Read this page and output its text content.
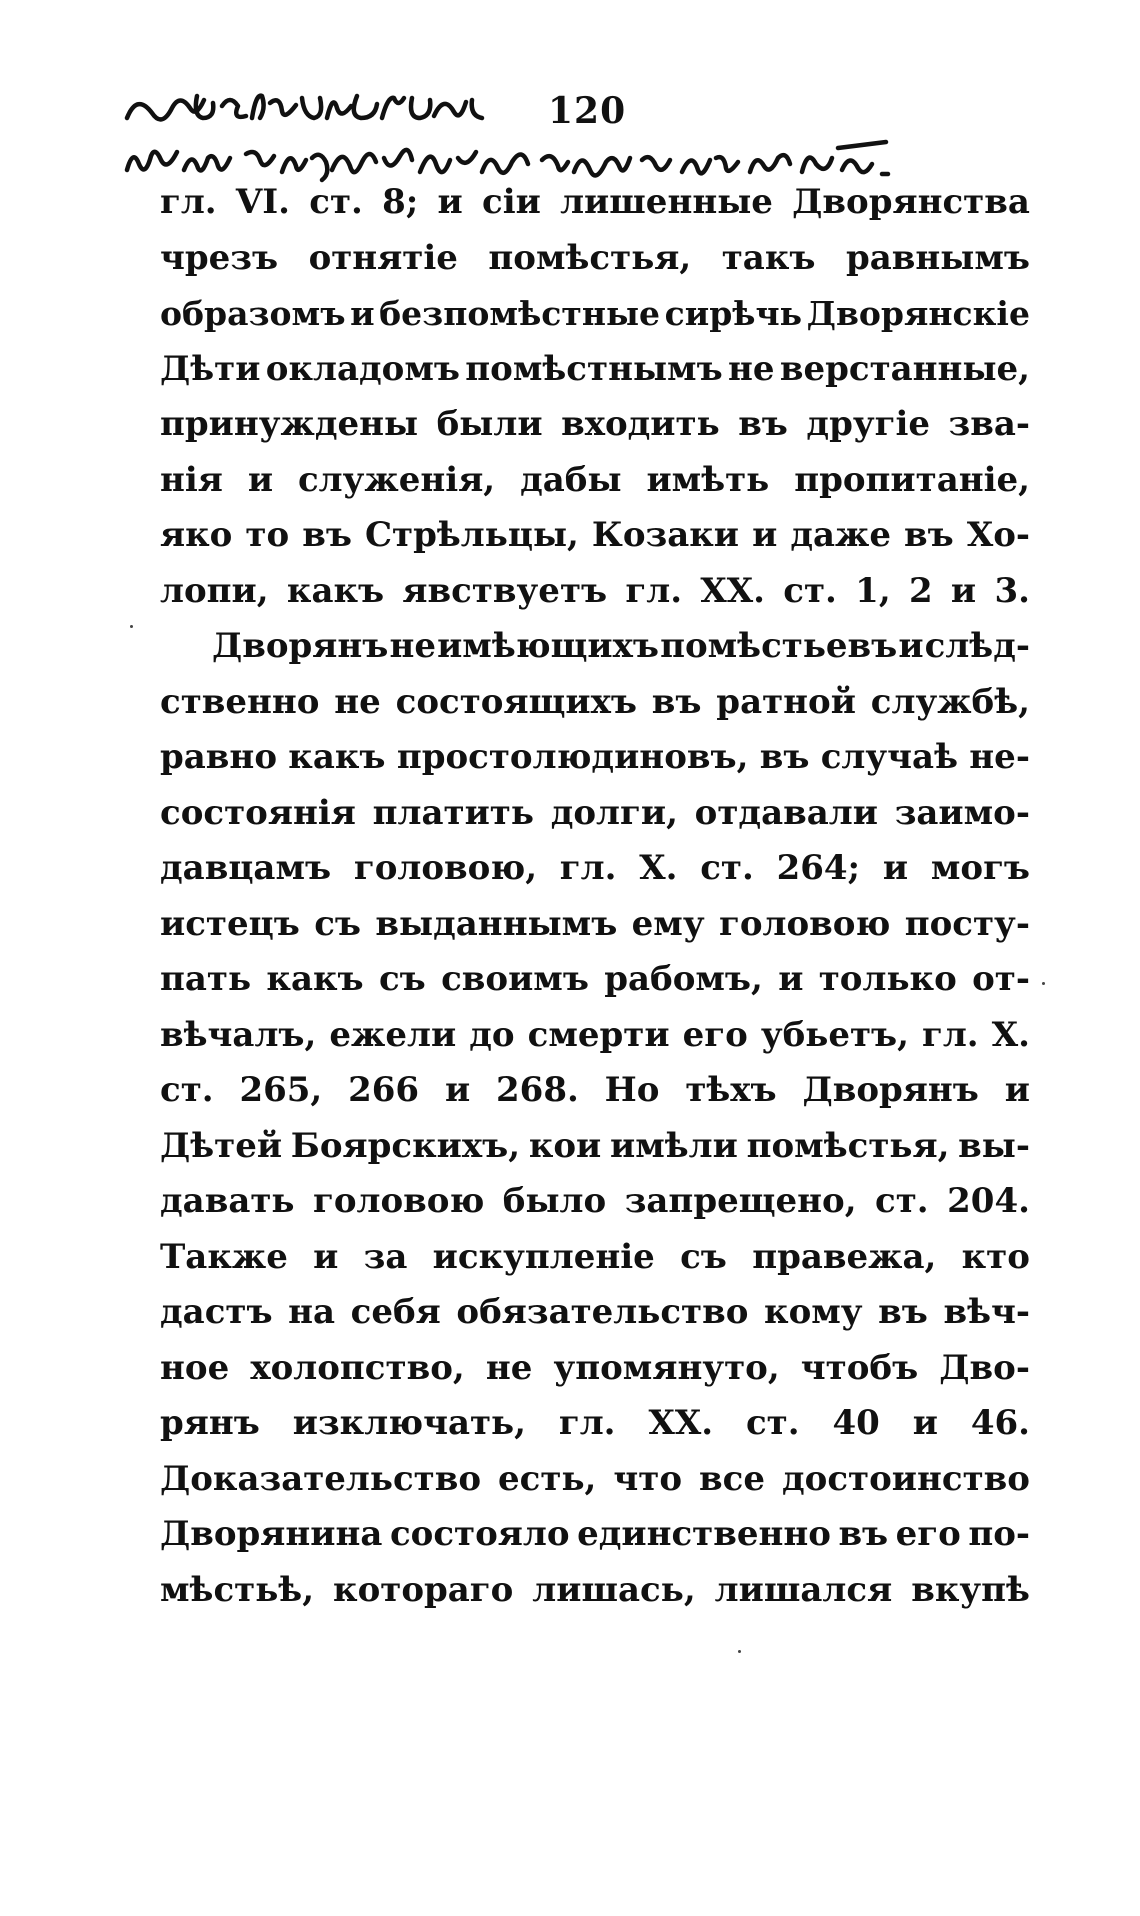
120
гл. VI. ст. 8; и сіи лишенные Дворянства
чрезъ отнятіе помѣстья, такъ равнымъ
образомъ и безпомѣстные сирѣчь Дворянскіе
Дѣти окладомъ помѣстнымъ не верстанные,
принуждены были входить въ другіе зва-
нія и служенія, дабы имѣть пропитаніе,
яко то въ Стрѣльцы, Козаки и даже въ Хо-
лопи, какъ явствуетъ гл. XX. ст. 1, 2 и 3.
Дворянъ не имѣющихъ помѣстьевъ и слѣд-
ственно не состоящихъ въ ратной службѣ,
равно какъ простолюдиновъ, въ случаѣ не-
состоянія платить долги, отдавали заимо-
давцамъ головою, гл. X. ст. 264; и могъ
истецъ съ выданнымъ ему головою посту-
пать какъ съ своимъ рабомъ, и только от-
вѣчалъ, ежели до смерти его убьетъ, гл. X.
ст. 265, 266 и 268. Но тѣхъ Дворянъ и
Дѣтей Боярскихъ, кои имѣли помѣстья, вы-
давать головою было запрещено, ст. 204.
Также и за искупленіе съ правежа, кто
дастъ на себя обязательство кому въ вѣч-
ное холопство, не упомянуто, чтобъ Дво-
рянъ изключать, гл. XX. ст. 40 и 46.
Доказательство есть, что все достоинство
Дворянина состояло единственно въ его по-
мѣстьѣ, котораго лишась, лишался вкупѣ
